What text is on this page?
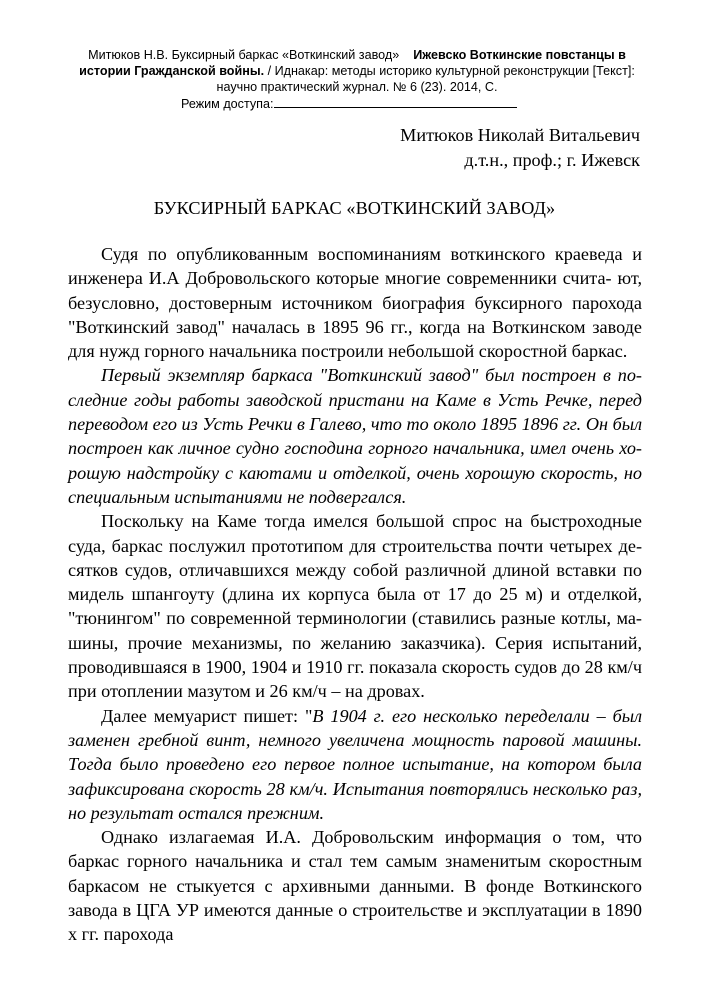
Митюков Н.В. Буксирный баркас «Воткинский завод» Ижевско Воткинские повстанцы в истории Гражданской войны. / Иднакар: методы историко культурной реконструкции [Текст]: научно практический журнал. № 6 (23). 2014, С.
Режим доступа:
Митюков Николай Витальевич
д.т.н., проф.; г. Ижевск
БУКСИРНЫЙ БАРКАС «ВОТКИНСКИЙ ЗАВОД»

Судя по опубликованным воспоминаниям воткинского краеведа и инженера И.А Добровольского которые многие современники счита- ют, безусловно, достоверным источником биография буксирного парохода "Воткинский завод" началась в 1895 96 гг., когда на Воткинском заводе для нужд горного начальника построили небольшой скоростной баркас.

Первый экземпляр баркаса "Воткинский завод" был построен в по- следние годы работы заводской пристани на Каме в Усть Речке, перед переводом его из Усть Речки в Галево, что то около 1895 1896 гг. Он был построен как личное судно господина горного начальника, имел очень хо- рошую надстройку с каютами и отделкой, очень хорошую скорость, но специальным испытаниями не подвергался.

Поскольку на Каме тогда имелся большой спрос на быстроходные суда, баркас послужил прототипом для строительства почти четырех де- сятков судов, отличавшихся между собой различной длиной вставки по мидель шпангоуту (длина их корпуса была от 17 до 25 м) и отделкой, "тюнингом" по современной терминологии (ставились разные котлы, ма- шины, прочие механизмы, по желанию заказчика). Серия испытаний, проводившаяся в 1900, 1904 и 1910 гг. показала скорость судов до 28 км/ч при отоплении мазутом и 26 км/ч – на дровах.

Далее мемуарист пишет: "В 1904 г. его несколько переделали – был заменен гребной винт, немного увеличена мощность паровой машины. Тогда было проведено его первое полное испытание, на котором была зафиксирована скорость 28 км/ч. Испытания повторялись несколько раз, но результат остался прежним.

Однако излагаемая И.А. Добровольским информация о том, что баркас горного начальника и стал тем самым знаменитым скоростным баркасом не стыкуется с архивными данными. В фонде Воткинского завода в ЦГА УР имеются данные о строительстве и эксплуатации в 1890 х гг. парохода
